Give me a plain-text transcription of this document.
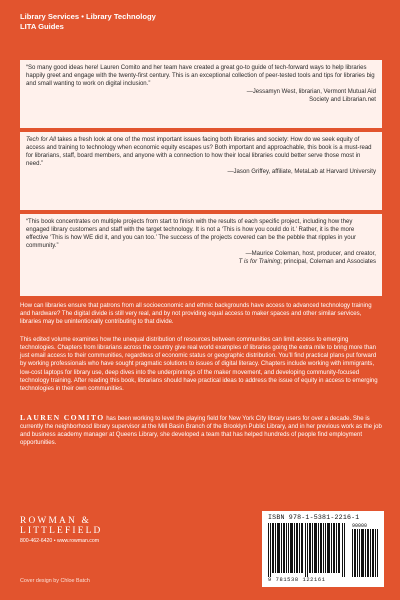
Library Services • Library Technology
LITA Guides

“So many good ideas here! Lauren Comito and her team have created a great go-to guide of tech-forward ways to help libraries happily greet and engage with the twenty-first century. This is an exceptional collection of peer-tested tools and tips for libraries big and small wanting to work on digital inclusion.”

—Jessamyn West, librarian, Vermont Mutual Aid
Society and Librarian.net

Tech for All takes a fresh look at one of the most important issues facing both libraries and society: How do we seek equity of access and training to technology when economic equity escapes us? Both important and approachable, this book is a must-read for librarians, staff, board members, and anyone with a connection to how their local libraries could better serve those most in need.”

—Jason Griffey, affiliate, MetaLab at Harvard University

“This book concentrates on multiple projects from start to finish with the results of each specific project, including how they engaged library customers and staff with the target technology. It is not a ‘This is how you could do it.’ Rather, it is the more effective ‘This is how WE did it, and you can too.’ The success of the projects covered can be the pebble that ripples in your community.”

—Maurice Coleman, host, producer, and creator,
T is for Training; principal, Coleman and Associates

How can libraries ensure that patrons from all socioeconomic and ethnic backgrounds have access to advanced technology training and hardware? The digital divide is still very real, and by not providing equal access to maker spaces and other similar services, libraries may be unintentionally contributing to that divide.

This edited volume examines how the unequal distribution of resources between communities can limit access to emerging technologies. Chapters from librarians across the country give real world examples of libraries going the extra mile to bring more than just email access to their communities, regardless of economic status or geographic distribution. You’ll find practical plans put forward by working professionals who have sought pragmatic solutions to issues of digital literacy. Chapters include working with immigrants, low-cost laptops for library use, deep dives into the underpinnings of the maker movement, and developing community-focused technology training. After reading this book, librarians should have practical ideas to address the issue of equity in access to emerging technologies in their own communities.

LAUREN COMITO has been working to level the playing field for New York City library users for over a decade. She is currently the neighborhood library supervisor at the Mill Basin Branch of the Brooklyn Public Library, and in her previous work as the job and business academy manager at Queens Library, she developed a team that has helped hundreds of people find employment opportunities.

ROWMAN &
LITTLEFIELD
800-462-6420 • www.rowman.com
Cover design by Chloe Batch
ISBN 978-1-5381-2216-1
90000
9 781538 122161
